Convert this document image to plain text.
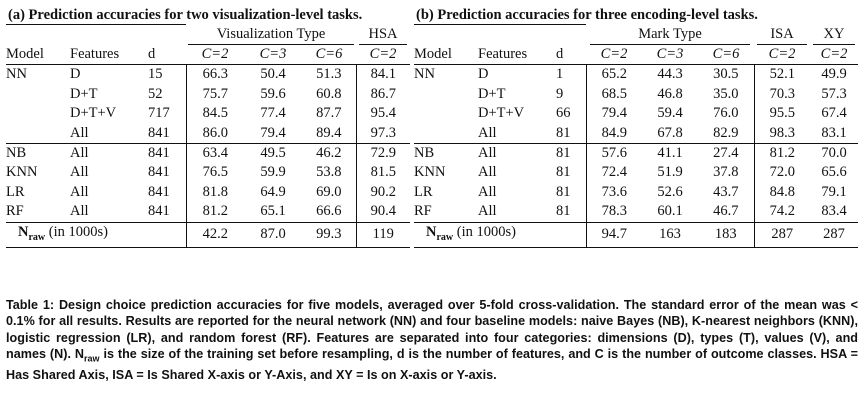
(a) Prediction accuracies for two visualization-level tasks.
			Visualization Type			HSA
Model	Features	d	C=2	C=3	C=6	C=2
NN	D	15	66.3	50.4	51.3	84.1
	D+T	52	75.7	59.6	60.8	86.7
	D+T+V	717	84.5	77.4	87.7	95.4
	All	841	86.0	79.4	89.4	97.3
NB	All	841	63.4	49.5	46.2	72.9
KNN	All	841	76.5	59.9	53.8	81.5
LR	All	841	81.8	64.9	69.0	90.2
RF	All	841	81.2	65.1	66.6	90.4
$N_{raw}$ (in 1000s)			42.2	87.0	99.3	119
(b) Prediction accuracies for three encoding-level tasks.
			Mark Type			ISA	XY
Model	Features	d	C=2	C=3	C=6	C=2	C=2
NN	D	1	65.2	44.3	30.5	52.1	49.9
	D+T	9	68.5	46.8	35.0	70.3	57.3
	D+T+V	66	79.4	59.4	76.0	95.5	67.4
	All	81	84.9	67.8	82.9	98.3	83.1
NB	All	81	57.6	41.1	27.4	81.2	70.0
KNN	All	81	72.4	51.9	37.8	72.0	65.6
LR	All	81	73.6	52.6	43.7	84.8	79.1
RF	All	81	78.3	60.1	46.7	74.2	83.4
$N_{raw}$ (in 1000s)			94.7	163	183	287	287
Table 1: Design choice prediction accuracies for five models, averaged over 5-fold cross-validation. The standard error of the mean was < 0.1% for all results. Results are reported for the neural network (NN) and four baseline models: naive Bayes (NB), K-nearest neighbors (KNN), logistic regression (LR), and random forest (RF). Features are separated into four categories: dimensions (D), types (T), values (V), and names (N). $N_{raw}$ is the size of the training set before resampling, d is the number of features, and C is the number of outcome classes. HSA = Has Shared Axis, ISA = Is Shared X-axis or Y-Axis, and XY = Is on X-axis or Y-axis.
